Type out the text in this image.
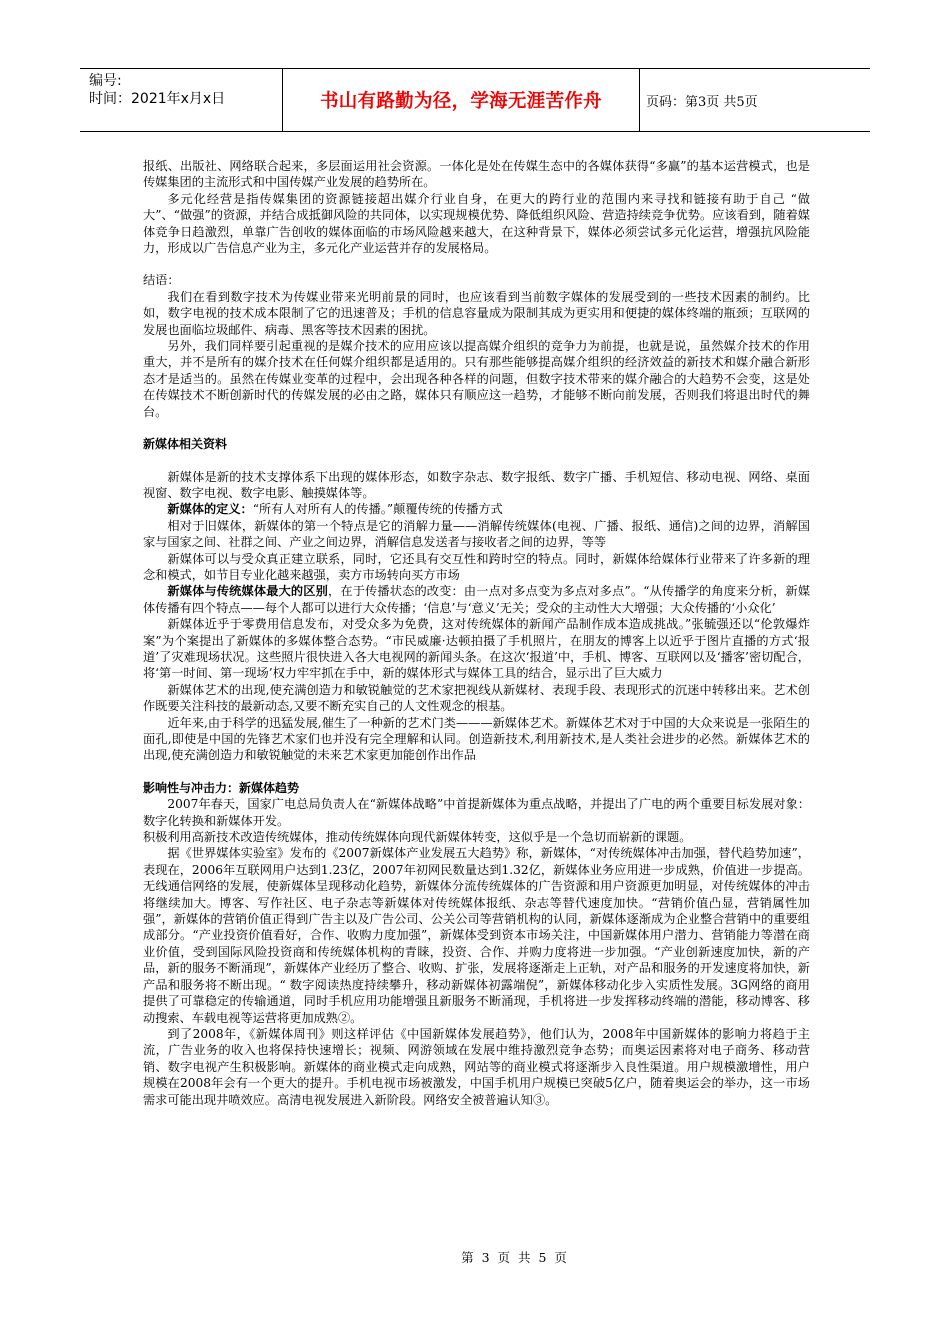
编号:
时间：2021年x月x日	书山有路勤为径，学海无涯苦作舟	页码：第3页 共5页

报纸、出版社、网络联合起来，多层面运用社会资源。一体化是处在传媒生态中的各媒体获得“多赢”的基本运营模式，也是传媒集团的主流形式和中国传媒产业发展的趋势所在。

多元化经营是指传媒集团的资源链接超出媒介行业自身，在更大的跨行业的范围内来寻找和链接有助于自己 “做大”、“做强”的资源，并结合成抵御风险的共同体，以实现规模优势、降低组织风险、营造持续竞争优势。应该看到，随着媒体竞争日趋激烈，单靠广告创收的媒体面临的市场风险越来越大，在这种背景下，媒体必须尝试多元化运营，增强抗风险能力，形成以广告信息产业为主，多元化产业运营并存的发展格局。

结语：

我们在看到数字技术为传媒业带来光明前景的同时，也应该看到当前数字媒体的发展受到的一些技术因素的制约。比如，数字电视的技术成本限制了它的迅速普及；手机的信息容量成为限制其成为更实用和便捷的媒体终端的瓶颈；互联网的发展也面临垃圾邮件、病毒、黑客等技术因素的困扰。

另外，我们同样要引起重视的是媒介技术的应用应该以提高媒介组织的竞争力为前提，也就是说，虽然媒介技术的作用重大，并不是所有的媒介技术在任何媒介组织都是适用的。只有那些能够提高媒介组织的经济效益的新技术和媒介融合新形态才是适当的。虽然在传媒业变革的过程中，会出现各种各样的问题，但数字技术带来的媒介融合的大趋势不会变，这是处在传媒技术不断创新时代的传媒发展的必由之路，媒体只有顺应这一趋势，才能够不断向前发展，否则我们将退出时代的舞台。

新媒体相关资料

新媒体是新的技术支撑体系下出现的媒体形态，如数字杂志、数字报纸、数字广播、手机短信、移动电视、网络、桌面视窗、数字电视、数字电影、触摸媒体等。

新媒体的定义：“所有人对所有人的传播。”颠覆传统的传播方式

相对于旧媒体，新媒体的第一个特点是它的消解力量——消解传统媒体(电视、广播、报纸、通信)之间的边界，消解国家与国家之间、社群之间、产业之间边界，消解信息发送者与接收者之间的边界，等等

新媒体可以与受众真正建立联系，同时，它还具有交互性和跨时空的特点。同时，新媒体给媒体行业带来了许多新的理念和模式，如节目专业化越来越强，卖方市场转向买方市场

新媒体与传统媒体最大的区别，在于传播状态的改变：由一点对多点变为多点对多点”。“从传播学的角度来分析，新媒体传播有四个特点——每个人都可以进行大众传播；‘信息’与‘意义’无关；受众的主动性大大增强；大众传播的‘小众化’

新媒体近乎于零费用信息发布，对受众多为免费，这对传统媒体的新闻产品制作成本造成挑战。”张毓强还以“伦敦爆炸案”为个案提出了新媒体的多媒体整合态势。“市民威廉·达顿拍摄了手机照片，在朋友的博客上以近乎于图片直播的方式‘报道’了灾难现场状况。这些照片很快进入各大电视网的新闻头条。在这次‘报道’中，手机、博客、互联网以及‘播客’密切配合，将‘第一时间、第一现场’权力牢牢抓在手中，新的媒体形式与媒体工具的结合，显示出了巨大威力

新媒体艺术的出现,使充满创造力和敏锐触觉的艺术家把视线从新媒材、表现手段、表现形式的沉迷中转移出来。艺术创作既要关注科技的最新动态,又要不断充实自己的人文性观念的根基。

近年来,由于科学的迅猛发展,催生了一种新的艺术门类———新媒体艺术。新媒体艺术对于中国的大众来说是一张陌生的面孔,即使是中国的先锋艺术家们也并没有完全理解和认同。创造新技术,利用新技术,是人类社会进步的必然。新媒体艺术的出现,使充满创造力和敏锐触觉的未来艺术家更加能创作出作品

影响性与冲击力：新媒体趋势

2007年春天，国家广电总局负责人在“新媒体战略”中首提新媒体为重点战略，并提出了广电的两个重要目标发展对象：数字化转换和新媒体开发。

积极利用高新技术改造传统媒体，推动传统媒体向现代新媒体转变，这似乎是一个急切而崭新的课题。

据《世界媒体实验室》发布的《2007新媒体产业发展五大趋势》称，新媒体，“对传统媒体冲击加强，替代趋势加速”，表现在，2006年互联网用户达到1.23亿，2007年初网民数量达到1.32亿，新媒体业务应用进一步成熟，价值进一步提高。无线通信网络的发展，使新媒体呈现移动化趋势，新媒体分流传统媒体的广告资源和用户资源更加明显，对传统媒体的冲击将继续加大。博客、写作社区、电子杂志等新媒体对传统媒体报纸、杂志等替代速度加快。“营销价值凸显，营销属性加强”，新媒体的营销价值正得到广告主以及广告公司、公关公司等营销机构的认同，新媒体逐渐成为企业整合营销中的重要组成部分。“产业投资价值看好，合作、收购力度加强”，新媒体受到资本市场关注，中国新媒体用户潜力、营销能力等潜在商业价值，受到国际风险投资商和传统媒体机构的青睐，投资、合作、并购力度将进一步加强。“产业创新速度加快，新的产品，新的服务不断涌现”，新媒体产业经历了整合、收购、扩张，发展将逐渐走上正轨，对产品和服务的开发速度将加快，新产品和服务将不断出现。“ 数字阅读热度持续攀升，移动新媒体初露端倪”，新媒体移动化步入实质性发展。3G网络的商用提供了可靠稳定的传输通道，同时手机应用功能增强且新服务不断涌现，手机将进一步发挥移动终端的潜能，移动博客、移动搜索、车载电视等运营将更加成熟②。

到了2008年，《新媒体周刊》则这样评估《中国新媒体发展趋势》，他们认为，2008年中国新媒体的影响力将趋于主流，广告业务的收入也将保持快速增长；视频、网游领域在发展中维持激烈竞争态势；而奥运因素将对电子商务、移动营销、数字电视产生积极影响。新媒体的商业模式走向成熟，网站等的商业模式将逐渐步入良性渠道。用户规模激增性，用户规模在2008年会有一个更大的提升。手机电视市场被激发，中国手机用户规模已突破5亿户，随着奥运会的举办，这一市场需求可能出现井喷效应。高清电视发展进入新阶段。网络安全被普遍认知③。

第 3 页 共 5 页
